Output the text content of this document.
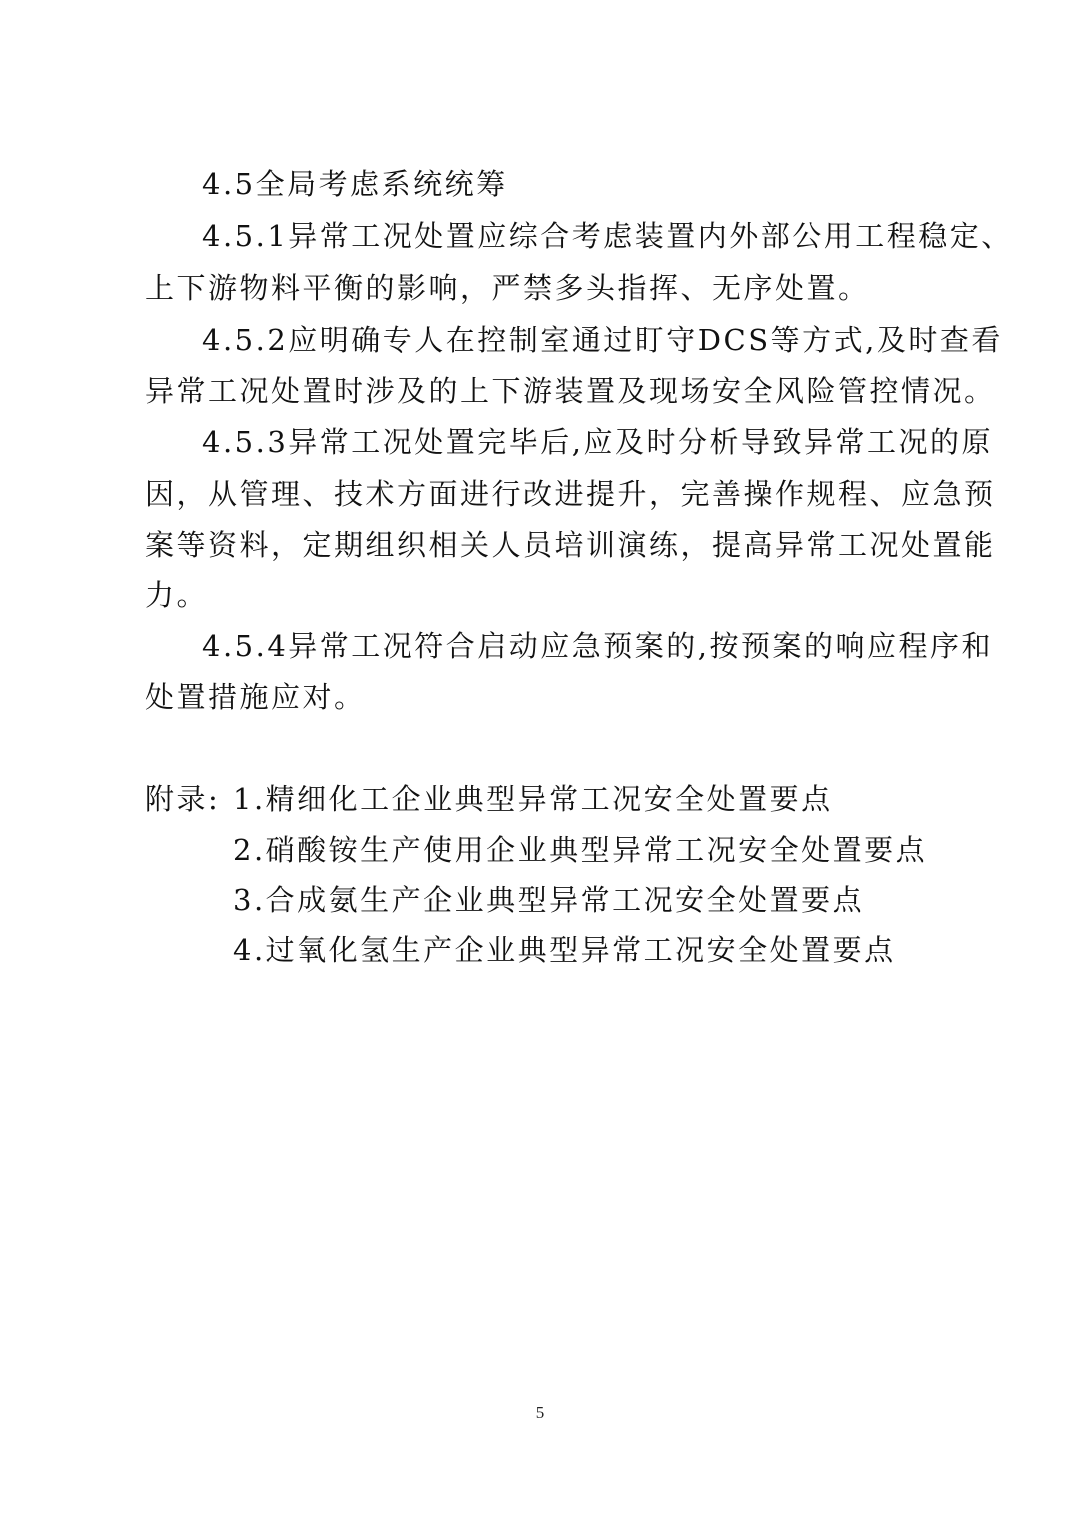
4.5全局考虑系统统筹
4.5.1异常工况处置应综合考虑装置内外部公用工程稳定、
上下游物料平衡的影响，严禁多头指挥、无序处置。
4.5.2应明确专人在控制室通过盯守DCS等方式,及时查看
异常工况处置时涉及的上下游装置及现场安全风险管控情况。
4.5.3异常工况处置完毕后,应及时分析导致异常工况的原
因，从管理、技术方面进行改进提升，完善操作规程、应急预
案等资料，定期组织相关人员培训演练，提高异常工况处置能
力。
4.5.4异常工况符合启动应急预案的,按预案的响应程序和
处置措施应对。
附录: 1.精细化工企业典型异常工况安全处置要点
2.硝酸铵生产使用企业典型异常工况安全处置要点
3.合成氨生产企业典型异常工况安全处置要点
4.过氧化氢生产企业典型异常工况安全处置要点
5
